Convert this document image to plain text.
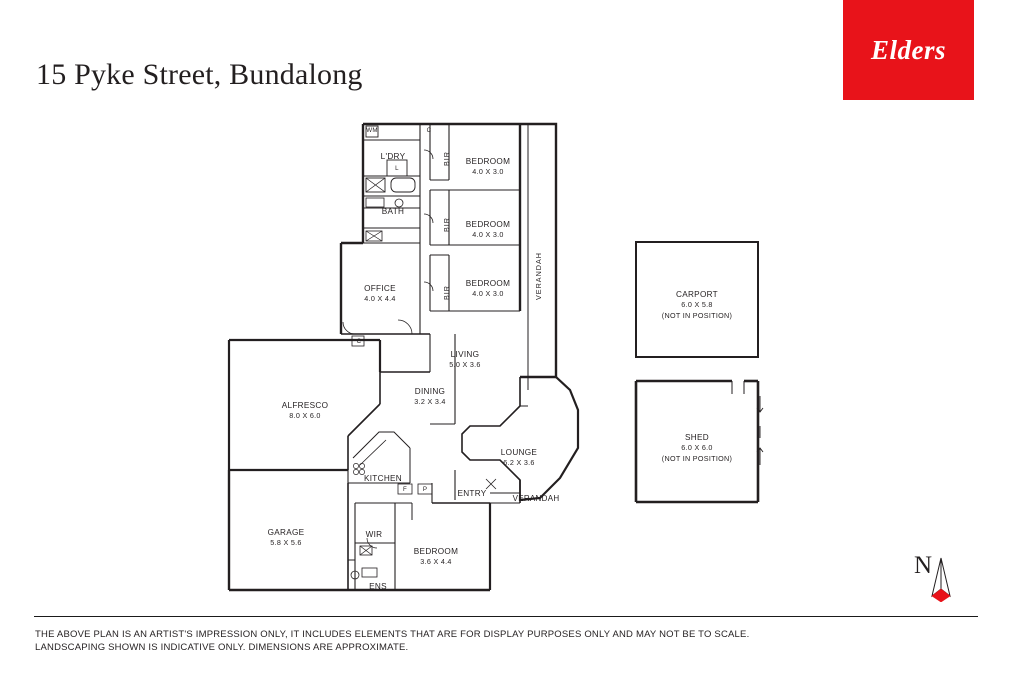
Elders
15 Pyke Street, Bundalong

L'DRY

WM
L
C

BATH

BIR
BIR
BIR

BEDROOM
4.0 X 3.0

BEDROOM
4.0 X 3.0

BEDROOM
4.0 X 3.0	VERANDAH

OFFICE
4.0 X 4.4

C

LIVING
5.0 X 3.6

DINING
3.2 X 3.4

LOUNGE
6.2 X 3.6

ALFRESCO
8.0 X 6.0

KITCHEN

F	P	ENTRY

VERANDAH

GARAGE
5.8 X 5.6

WIR

BEDROOM
3.6 X 4.4

ENS

CARPORT
6.0 X 5.8
(NOT IN POSITION)

SHED
6.0 X 6.0
(NOT IN POSITION)

N
THE ABOVE PLAN IS AN ARTIST'S IMPRESSION ONLY, IT INCLUDES ELEMENTS THAT ARE FOR DISPLAY PURPOSES ONLY AND MAY NOT BE TO SCALE.
LANDSCAPING SHOWN IS INDICATIVE ONLY. DIMENSIONS ARE APPROXIMATE.
